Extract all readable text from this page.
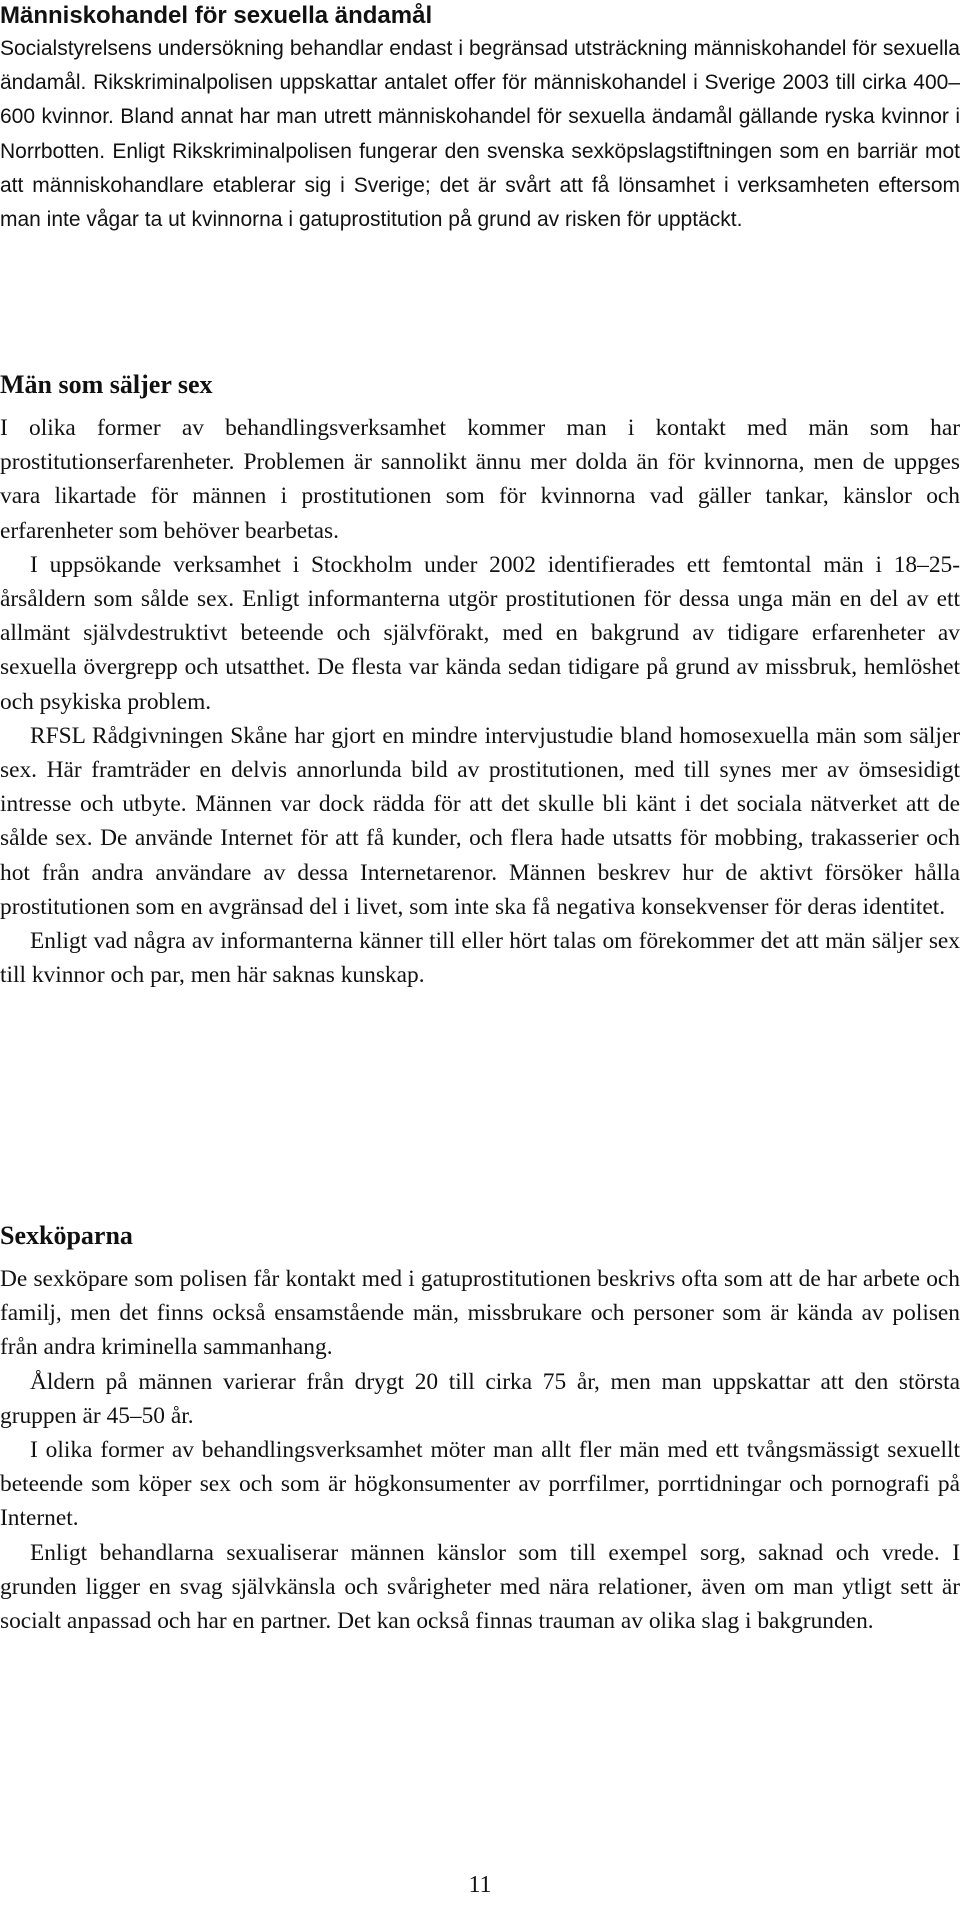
Människohandel för sexuella ändamål

Socialstyrelsens undersökning behandlar endast i begränsad utsträckning människohandel för sexuella ändamål. Rikskriminalpolisen uppskattar antalet offer för människohandel i Sverige 2003 till cirka 400–600 kvinnor. Bland annat har man utrett människohandel för sexuella ändamål gällande ryska kvinnor i Norrbotten. Enligt Rikskriminalpolisen fungerar den svenska sexköpslagstiftningen som en barriär mot att människohandlare etablerar sig i Sverige; det är svårt att få lönsamhet i verksamheten eftersom man inte vågar ta ut kvinnorna i gatuprostitution på grund av risken för upptäckt.

Män som säljer sex

I olika former av behandlingsverksamhet kommer man i kontakt med män som har prostitutionserfarenheter. Problemen är sannolikt ännu mer dolda än för kvinnorna, men de uppges vara likartade för männen i prostitutionen som för kvinnorna vad gäller tankar, känslor och erfarenheter som behöver bearbetas.

I uppsökande verksamhet i Stockholm under 2002 identifierades ett femtontal män i 18–25-årsåldern som sålde sex. Enligt informanterna utgör prostitutionen för dessa unga män en del av ett allmänt självdestruktivt beteende och självförakt, med en bakgrund av tidigare erfarenheter av sexuella övergrepp och utsatthet. De flesta var kända sedan tidigare på grund av missbruk, hemlöshet och psykiska problem.

RFSL Rådgivningen Skåne har gjort en mindre intervjustudie bland homosexuella män som säljer sex. Här framträder en delvis annorlunda bild av prostitutionen, med till synes mer av ömsesidigt intresse och utbyte. Männen var dock rädda för att det skulle bli känt i det sociala nätverket att de sålde sex. De använde Internet för att få kunder, och flera hade utsatts för mobbing, trakasserier och hot från andra användare av dessa Internetarenor. Männen beskrev hur de aktivt försöker hålla prostitutionen som en avgränsad del i livet, som inte ska få negativa konsekvenser för deras identitet.

Enligt vad några av informanterna känner till eller hört talas om förekommer det att män säljer sex till kvinnor och par, men här saknas kunskap.

Sexköparna

De sexköpare som polisen får kontakt med i gatuprostitutionen beskrivs ofta som att de har arbete och familj, men det finns också ensamstående män, missbrukare och personer som är kända av polisen från andra kriminella sammanhang.

Åldern på männen varierar från drygt 20 till cirka 75 år, men man uppskattar att den största gruppen är 45–50 år.

I olika former av behandlingsverksamhet möter man allt fler män med ett tvångsmässigt sexuellt beteende som köper sex och som är högkonsumenter av porrfilmer, porrtidningar och pornografi på Internet.

Enligt behandlarna sexualiserar männen känslor som till exempel sorg, saknad och vrede. I grunden ligger en svag självkänsla och svårigheter med nära relationer, även om man ytligt sett är socialt anpassad och har en partner. Det kan också finnas trauman av olika slag i bakgrunden.

11
